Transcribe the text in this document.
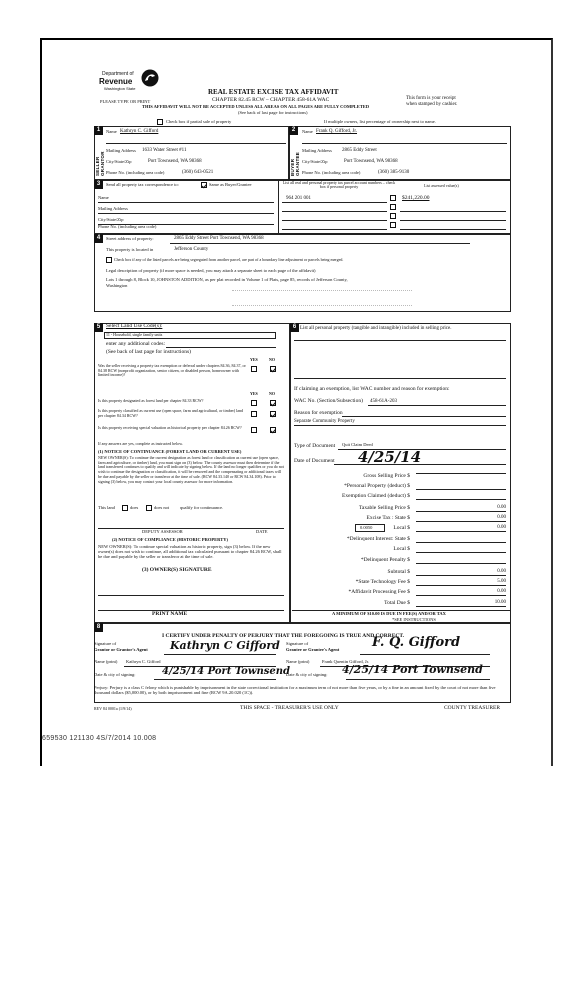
Department of
Revenue
Washington State	REAL ESTATE EXCISE TAX AFFIDAVIT
CHAPTER 82.45 RCW – CHAPTER 458-61A WAC
THIS AFFIDAVIT WILL NOT BE ACCEPTED UNLESS ALL AREAS ON ALL PAGES ARE FULLY COMPLETED
(See back of last page for instructions)
PLEASE TYPE OR PRINT
This form is your receipt
when stamped by cashier.
Check box if partial sale of property	If multiple owners, list percentage of ownership next to name.
1	2
SELLER GRANTOR	BUYER GRANTEE
Name Kathryn C. Gifford
Mailing Address 1633 Water Street #11
City/State/Zip	Port Townsend, WA 98368
Phone No. (including area code)	(360) 643-0521
Name Frank Q. Gifford, Jr.
Mailing Address 2865 Eddy Street
City/State/Zip	Port Townsend, WA 98368
Phone No. (including area code)	(360) 385-9130
3	Send all property tax correspondence to:	Same as Buyer/Grantee
Name
Mailing Address
City/State/Zip
Phone No. (including area code)
List all real and personal property tax parcel account numbers – check box if personal property
964 201 001
List assessed value(s)
$241,220.00
4	Street address of property:	2865 Eddy Street Port Townsend, WA 98368
This property is located in	Jefferson County
Check box if any of the listed parcels are being segregated from another parcel, are part of a boundary line adjustment or parcels being merged.
Legal description of property (if more space is needed, you may attach a separate sheet to each page of the affidavit)
Lots 1 through 8, Block 10, JOHNSTON ADDITION, as per plat recorded in Volume 1 of Plats, page 85, records of Jefferson County,
Washington
5	Select Land Use Code(s):
11 - Household, single family units
enter any additional codes:
(See back of last page for instructions)
YES	NO
Was the seller receiving a property tax exemption or deferral under chapters 84.36, 84.37, or 84.38 RCW (nonprofit organization, senior citizen, or disabled person, homeowner with limited income)?
YES	NO
Is this property designated as forest land per chapter 84.33 RCW?
Is this property classified as current use (open space, farm and agricultural, or timber) land per chapter 84.34 RCW?
Is this property receiving special valuation as historical property per chapter 84.26 RCW?
If any answers are yes, complete as instructed below.
(1) NOTICE OF CONTINUANCE (FOREST LAND OR CURRENT USE)
NEW OWNER(S): To continue the current designation as forest land or classification as current use (open space, farm and agriculture, or timber) land, you must sign on (3) below. The county assessor must then determine if the land transferred continues to qualify and will indicate by signing below. If the land no longer qualifies or you do not wish to continue the designation or classification, it will be removed and the compensating or additional taxes will be due and payable by the seller or transferor at the time of sale. (RCW 84.33.140 or RCW 84.34.108). Prior to signing (3) below, you may contact your local county assessor for more information.
This land	does	does not qualify for continuance.
DEPUTY ASSESSOR	DATE
(2) NOTICE OF COMPLIANCE (HISTORIC PROPERTY)
NEW OWNER(S): To continue special valuation as historic property, sign (3) below. If the new owner(s) does not wish to continue, all additional tax calculated pursuant to chapter 84.26 RCW, shall be due and payable by the seller or transferor at the time of sale.
(3) OWNER(S) SIGNATURE
PRINT NAME
6 List all personal property (tangible and intangible) included in selling price.
If claiming an exemption, list WAC number and reason for exemption:
WAC No. (Section/Subsection) 458-61A-203
Reason for exemption
Separate Community Property
Type of Document Quit Claim Deed
Date of Document 4/25/14
Gross Selling Price $
*Personal Property (deduct) $
Exemption Claimed (deduct) $
Taxable Selling Price $	0.00
Excise Tax : State $	0.00
0.0050	Local $	0.00
*Delinquent Interest: State $
Local $
*Delinquent Penalty $
Subtotal $	0.00
*State Technology Fee $	5.00
*Affidavit Processing Fee $	0.00
Total Due $	10.00
A MINIMUM OF $10.00 IS DUE IN FEE(S) AND/OR TAX
*SEE INSTRUCTIONS
8
I CERTIFY UNDER PENALTY OF PERJURY THAT THE FOREGOING IS TRUE AND CORRECT.
Signature of
Grantor or Grantor's Agent Kathryn C Gifford
Name (print) Kathryn C. Gifford
Date & city of signing:	4/25/14 Port Townsend
Signature of
Grantee or Grantee's Agent	F. Q. Gifford
Name (print)	Frank Quentin Gifford, Jr.
Date & city of signing: 4/25/14 Port Townsend
Perjury: Perjury is a class C felony which is punishable by imprisonment in the state correctional institution for a maximum term of not more than five years, or by a fine in an amount fixed by the court of not more than five thousand dollars ($5,000.00), or by both imprisonment and fine (RCW 9A.20.020 (1C)).
REV 84 0001a (1/9/14)	THIS SPACE - TREASURER'S USE ONLY	COUNTY TREASURER
659530 121130 4S/7/2014 10.008
